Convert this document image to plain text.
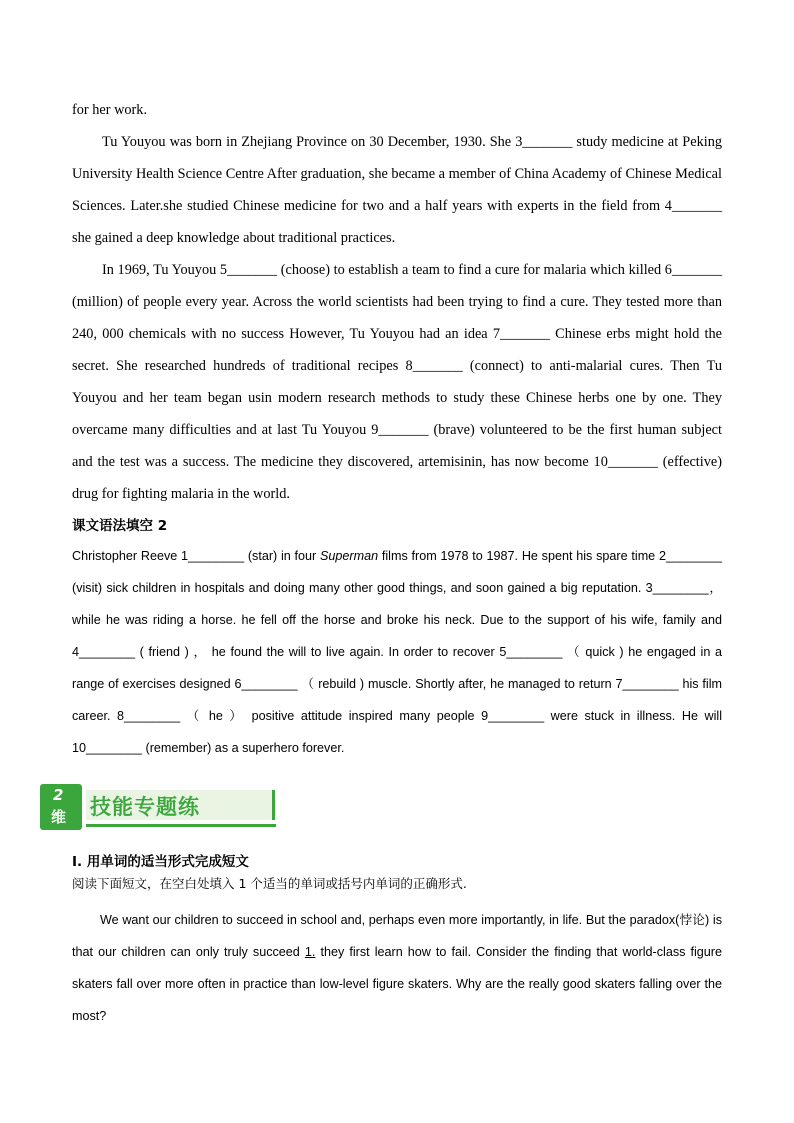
for her work.

Tu Youyou was born in Zhejiang Province on 30 December, 1930. She 3_______ study medicine at Peking University Health Science Centre After graduation, she became a member of China Academy of Chinese Medical Sciences. Later.she studied Chinese medicine for two and a half years with experts in the field from 4_______ she gained a deep knowledge about traditional practices.

In 1969, Tu Youyou 5_______ (choose) to establish a team to find a cure for malaria which killed 6_______ (million) of people every year. Across the world scientists had been trying to find a cure. They tested more than 240, 000 chemicals with no success However, Tu Youyou had an idea 7_______ Chinese erbs might hold the secret. She researched hundreds of traditional recipes 8_______ (connect) to anti-malarial cures. Then Tu Youyou and her team began usin modern research methods to study these Chinese herbs one by one. They overcame many difficulties and at last Tu Youyou 9_______ (brave) volunteered to be the first human subject and the test was a success. The medicine they discovered, artemisinin, has now become 10_______ (effective) drug for fighting malaria in the world.

课文语法填空 2

Christopher Reeve 1________ (star) in four Superman films from 1978 to 1987. He spent his spare time 2________ (visit) sick children in hospitals and doing many other good things, and soon gained a big reputation. 3________， while he was riding a horse. he fell off the horse and broke his neck. Due to the support of his wife, family and 4________ ( friend ) ， he found the will to live again. In order to recover 5________ （ quick ) he engaged in a range of exercises designed 6________ （ rebuild ) muscle. Shortly after, he managed to return 7________ his film career. 8________ （ he ） positive attitude inspired many people 9________ were stuck in illness. He will 10________ (remember) as a superhero forever.

I. 用单词的适当形式完成短文

阅读下面短文，在空白处填入 1 个适当的单词或括号内单词的正确形式.

We want our children to succeed in school and, perhaps even more importantly, in life. But the paradox(悖论) is that our children can only truly succeed 1. they first learn how to fail. Consider the finding that world-class figure skaters fall over more often in practice than low-level figure skaters. Why are the really good skaters falling over the most?

2
维 技能专题练
